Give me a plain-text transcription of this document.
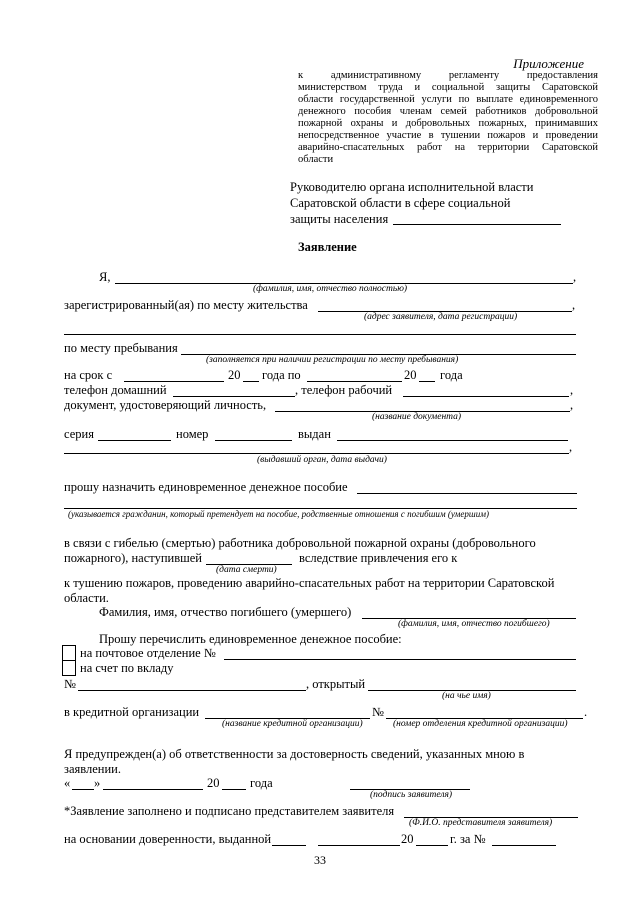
Приложение
к административному регламенту предоставления
министерством труда и социальной защиты Саратовской
области государственной услуги по выплате единовременного
денежного пособия членам семей работников добровольной
пожарной охраны и добровольных пожарных, принимавших
непосредственное участие в тушении пожаров и проведении
аварийно-спасательных работ на территории Саратовской
области
Руководителю органа исполнительной власти
Саратовской области в сфере социальной
защиты населения
Заявление
Я,	,
(фамилия, имя, отчество полностью)
зарегистрированный(ая) по месту жительства	,
(адрес заявителя, дата регистрации)
по месту пребывания
(заполняется при наличии регистрации по месту пребывания)
на срок с	20 года по	20 года
телефон домашний	, телефон рабочий	,
документ, удостоверяющий личность,	,
(название документа)
серия	номер	выдан
,
(выдавший орган, дата выдачи)
прошу назначить единовременное денежное пособие
(указывается гражданин, который претендует на пособие, родственные отношения с погибшим (умершим)
в связи с гибелью (смертью) работника добровольной пожарной охраны (добровольного
пожарного), наступившей	вследствие привлечения его к
(дата смерти)
к тушению пожаров, проведению аварийно-спасательных работ на территории Саратовской
области.
Фамилия, имя, отчество погибшего (умершего)
(фамилия, имя, отчество погибшего)
Прошу перечислить единовременное денежное пособие:
на почтовое отделение №
на счет по вкладу
№	, открытый
(на чье имя)
в кредитной организации	№	.
(название кредитной организации)	(номер отделения кредитной организации)
Я предупрежден(а) об ответственности за достоверность сведений, указанных мною в
заявлении.
« »	20 года
(подпись заявителя)
*Заявление заполнено и подписано представителем заявителя
(Ф.И.О. представителя заявителя)
на основании доверенности, выданной	20	г. за №
33
